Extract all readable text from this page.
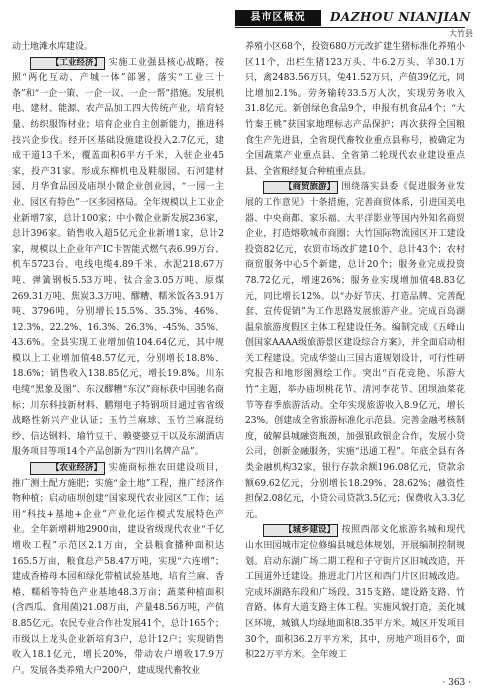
县市区概况	DAZHOU NIANJIAN
大竹县

动土地滩水库建设。

【工业经济】 实施工业强县核心战略，按照“两化互动、产城一体”部署，落实“工业三十条”和“一企一策、一企一议、一企一帮”措施。发展机电、建材、能源、农产品加工四大传统产业，培育轻量、纺织服饰材业；培育企业自主创新能力，推进科技兴企步伐。经开区基础设施建设投入2.7亿元，建成干道13千米，覆盖面积6平方千米，入驻企业45家，投产31家。形成东柳机电及鞋服园、石河建材园、月华食品园及庙坝小微企业创业园，“一园一主业、园区有特色”一区多园格局。全年规模以上工业企业新增7家，总计100家；中小微企业新发展236家，总计396家。销售收入超5亿元企业新增1家，总计2家，规模以上企业年产IC卡智能式燃气表6.99万台、机车5723台、电线电缆4.89千米、水泥218.67万吨、弹簧钢板5.53万吨、钛合金3.05万吨、原煤269.31万吨、焦炭3.3万吨、醪糟、糯米饭各3.91万吨、3796吨，分别增长15.5%、35.3%、46%、12.3%、22.2%、16.3%、26.3%、-45%、35%、43.6%。全县实现工业增加值104.64亿元，其中规模以上工业增加值48.57亿元，分别增长18.8%、18.6%；销售收入138.85亿元，增长19.8%。川东电缆“黑象及图”、东汉醪糟“东汉”商标获中国驰名商标；川东科技新材料、鹏翔电子特钢项目通过省省级战略性新兴产业认证；玉竹兰麻球、玉竹兰麻混纺纱、信达钢料、瑜竹豆干、赖婆婆豆干以及东湖酒店服务项目等项14个产品创新为“四川名牌产品”。

【农业经济】 实施商标推农田建设项目，推广测土配方施肥；实施“金土地”工程，推广经济作物种植；启动庙坝创建“国家现代农业园区”工作；运用“科技+基地+企业”产业化运作模式发展特色产业。全年新增耕地2900亩，建设省级现代农业“千亿增收工程”示范区2.1万亩，全县粮食播种面积达165.5万亩，粮食总产58.47万吨，实现“六连增”；建成香椿母本园和绿化带植试验基地，培育兰麻、香椿、糯稻等特色产业基地48.3万亩；蔬菜种植面积(含西瓜、食用菌)21.08万亩，产量48.56万吨，产值8.85亿元。农民专业合作社发展41个，总计165个；市级以上龙头企业新培育3户，总计12户；实现销售收入18.1亿元，增长20%，带动农户增收17.9万户。发展各类养殖大户200户，建成现代畜牧业

养殖小区68个，投资680万元改扩建生猪标准化养殖小区11个，出栏生猪123万头、牛6.2万头、羊30.1万只，禽2483.56万只，兔41.52万只，产值39亿元，同比增加2.1%。劳务输转33.5万人次，实现劳务收入31.8亿元。新创绿色食品9个，申报有机食品4个；“大竹秦王桃”获国家地理标志产品保护；再次获得全国粮食生产先进县，全省现代畜牧业重点县称号，被确定为全国蔬菜产业重点县、全省第二轮现代农业建设重点县、全省粮经复合种植重点县。

【商贸旅游】 围绕落实县委《促进服务业发展的工作意见》十条措施，完善商贸体系，引进国美电器、中央商都、家乐福、大平洋影业等国内外知名商贸企业，打造熔歌城市商圈；大竹国际物流园区开工建设投资82亿元，农贸市场改扩建10个、总计43个；农村商贸服务中心5个新建，总计20个；服务业完成投资78.72亿元，增速26%；服务业实现增加值48.83亿元，同比增长12%。以“办好节庆、打造品牌、完善配套、宣传促销”为工作思路发展旅游产业。完成百岛湖温泉旅游度假区主体工程建设任务。编制完成《五峰山创国家AAAA级旅游景区建设综合方案》，并全面启动相关工程建设。完成华蓥山三国古道规划设计，可行性研究报告和地形图测绘工作。突出“百花竞艳、乐游大竹”主题，举办庙坝桃花节、清河李花节、团坝油菜花节等春季旅游活动。全年实现旅游收入8.9亿元，增长23%。创建成全省旅游标准化示范县。完善金融考核制度，破解县城融资瓶颈，加强银政银企合作，发展小贷公司，创新金融服务，实施“迅通工程”。年底全县有各类金融机构32家，银行存款余额196.08亿元，贷款余额69.62亿元，分别增长18.29%、28.62%；融资性担保2.08亿元，小贷公司贷款3.5亿元；保费收入3.3亿元。

【城乡建设】 按照西部文化旅游名城和现代山水田园城市定位修编县城总体规划，开展编制控制规划。启动东湖广场二期工程和子守街片区旧城改造，开工国道外迁建设。推进北门片区和西门片区旧城改造。完成环湖路东段和广场段、315支路、建设路支路、竹音路、体育大道支路主体工程。实施风貌打造，美化城区环境，城镇人均绿地面积8.35平方米。城区开发项目30个，面积36.2万平方米，其中，房地产项目6个，面积22万平方米。全年竣工

· 363 ·
